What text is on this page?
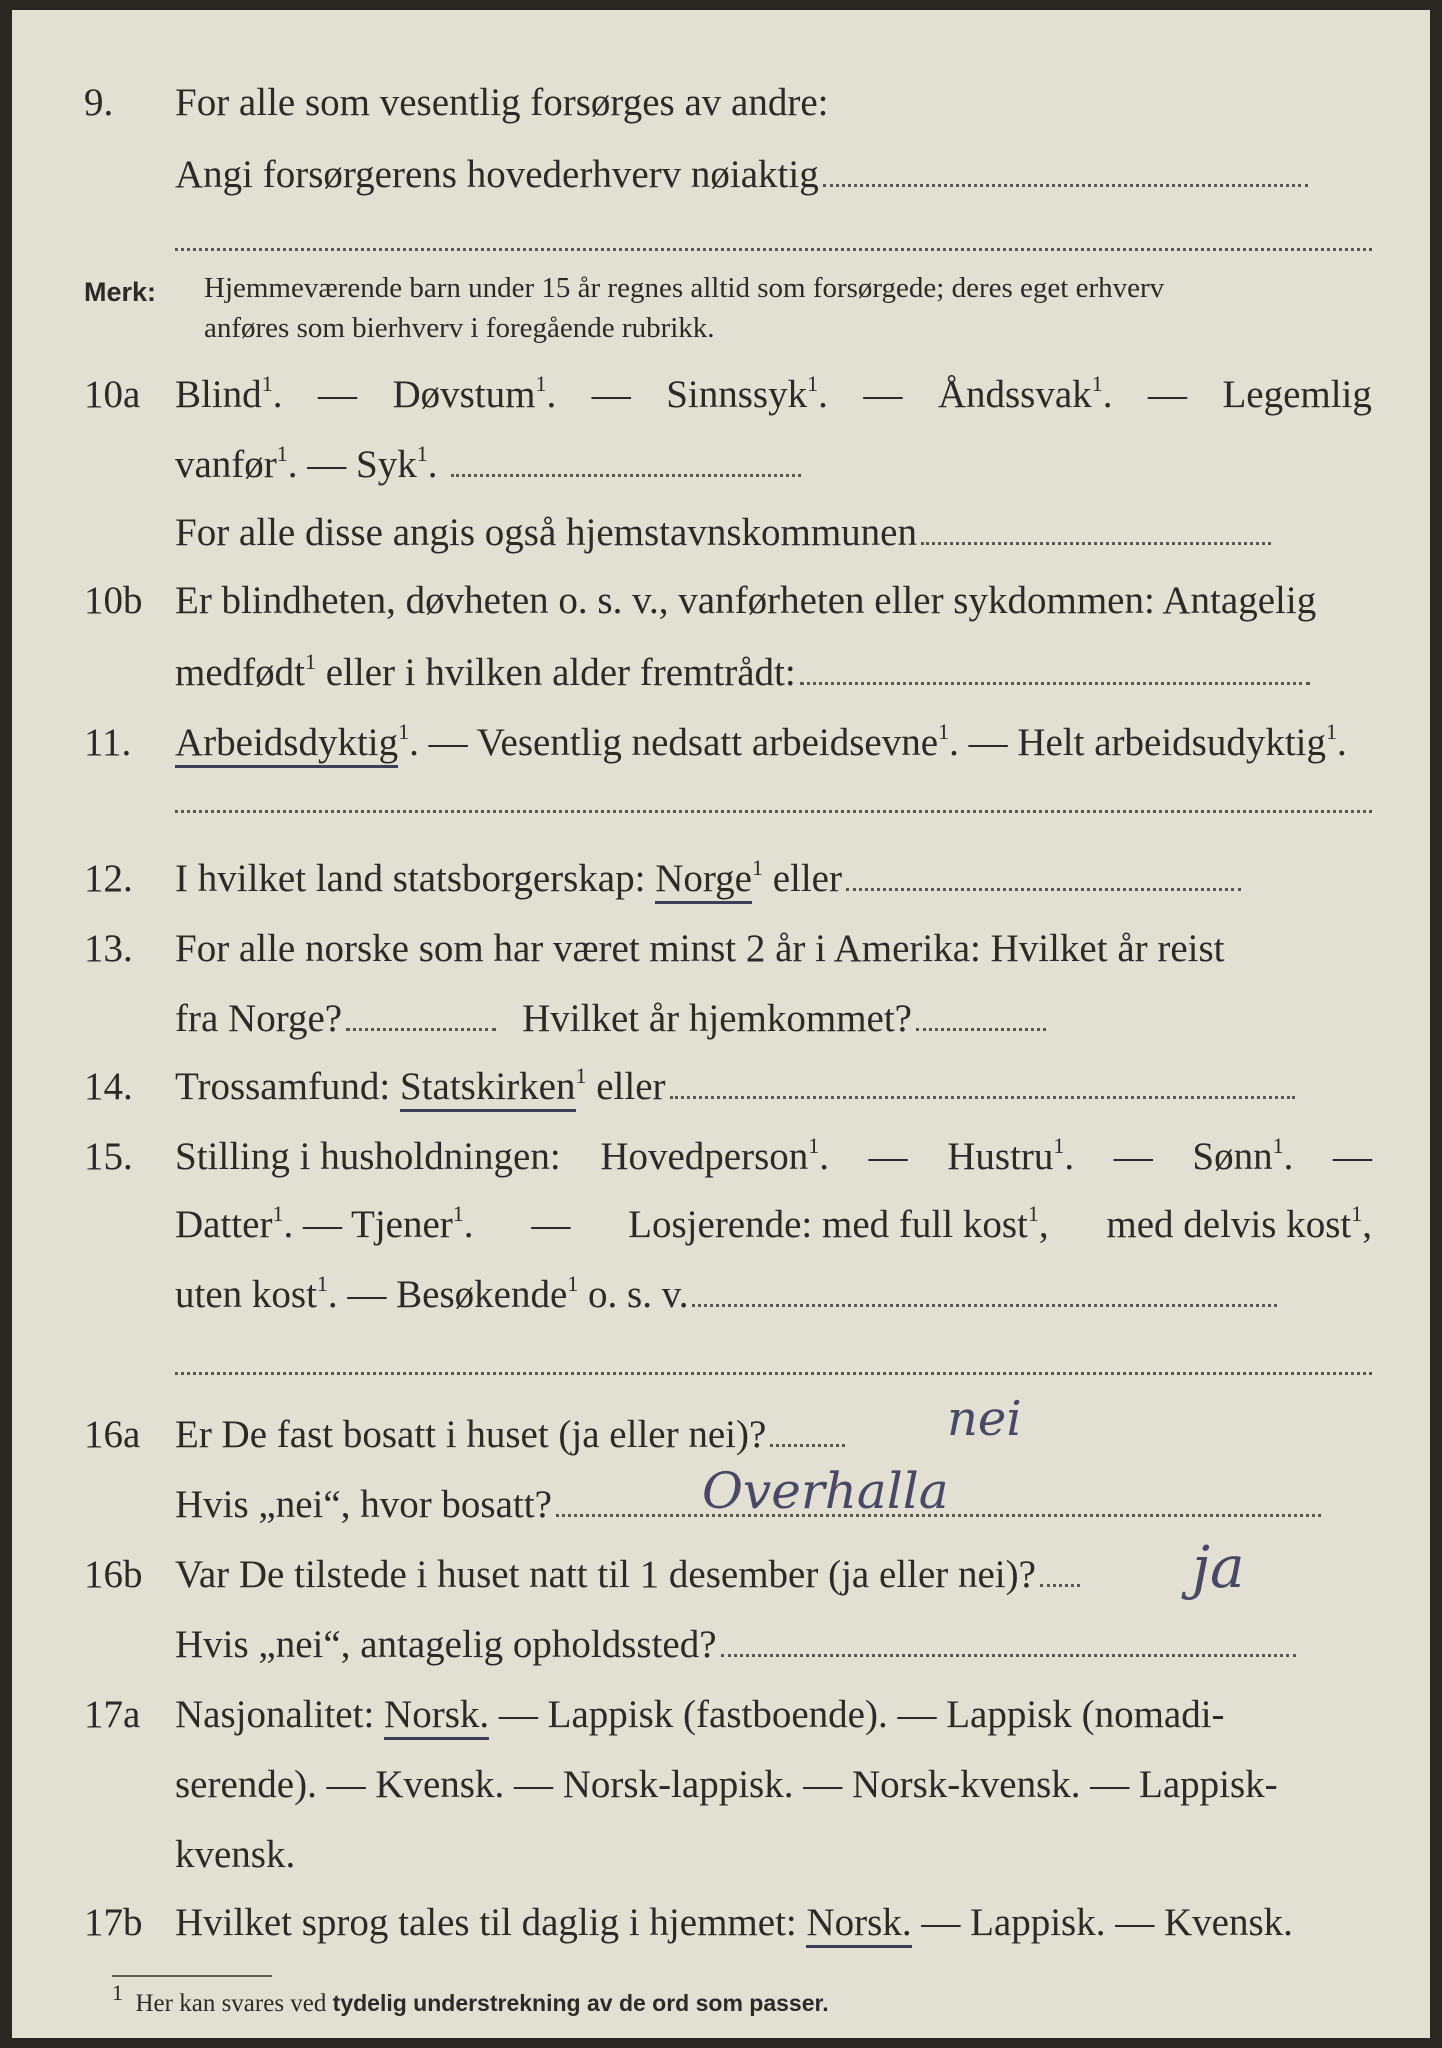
9. For alle som vesentlig forsørges av andre:
Angi forsørgerens hovederhverv nøiaktig
Merk: Hjemmeværende barn under 15 år regnes alltid som forsørgede; deres eget erhverv
anføres som bierhverv i foregående rubrikk.
10a Blind$^1$. — Døvstum$^1$. — Sinnssyk$^1$. — Åndssvak$^1$. — Legemlig
vanfør$^1$. — Syk$^1$.
For alle disse angis også hjemstavnskommunen
10b Er blindheten, døvheten o. s. v., vanførheten eller sykdommen: Antagelig
medfødt$^1$ eller i hvilken alder fremtrådt:
11. Arbeidsdyktig$^1$. — Vesentlig nedsatt arbeidsevne$^1$. — Helt arbeidsudyktig$^1$.
12. I hvilket land statsborgerskap: Norge$^1$ eller
13. For alle norske som har været minst 2 år i Amerika: Hvilket år reist
fra Norge?	Hvilket år hjemkommet?
14. Trossamfund: Statskirken$^1$ eller
15. Stilling i husholdningen: Hovedperson$^1$. — Hustru$^1$. — Sønn$^1$. —
Datter$^1$. — Tjener$^1$. — Losjerende: med full kost$^1$, med delvis kost$^1$,
uten kost$^1$. — Besøkende$^1$ o. s. v.
16a Er De fast bosatt i huset (ja eller nei)?	nei
Hvis „nei“, hvor bosatt?	Overhalla
16b Var De tilstede i huset natt til 1 desember (ja eller nei)?	ja
Hvis „nei“, antagelig opholdssted?
17a Nasjonalitet: Norsk. — Lappisk (fastboende). — Lappisk (nomadi-
serende). — Kvensk. — Norsk-lappisk. — Norsk-kvensk. — Lappisk-
kvensk.
17b Hvilket sprog tales til daglig i hjemmet: Norsk. — Lappisk. — Kvensk.
$^1$ Her kan svares ved tydelig understrekning av de ord som passer.
